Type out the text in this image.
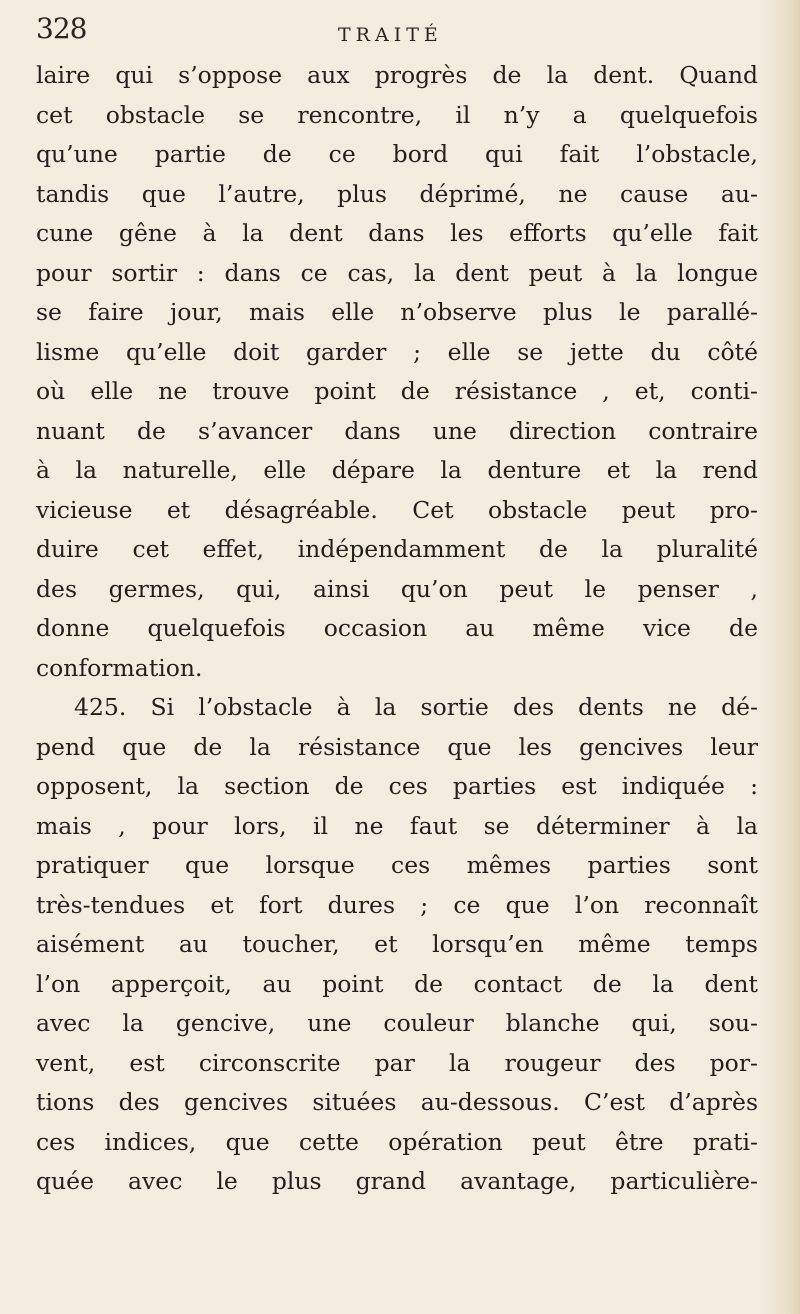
328	TRAITÉ
laire qui s’oppose aux progrès de la dent. Quand
cet obstacle se rencontre, il n’y a quelquefois
qu’une partie de ce bord qui fait l’obstacle,
tandis que l’autre, plus déprimé, ne cause au-
cune gêne à la dent dans les efforts qu’elle fait
pour sortir : dans ce cas, la dent peut à la longue
se faire jour, mais elle n’observe plus le parallé-
lisme qu’elle doit garder ; elle se jette du côté
où elle ne trouve point de résistance , et, conti-
nuant de s’avancer dans une direction contraire
à la naturelle, elle dépare la denture et la rend
vicieuse et désagréable. Cet obstacle peut pro-
duire cet effet, indépendamment de la pluralité
des germes, qui, ainsi qu’on peut le penser ,
donne quelquefois occasion au même vice de
conformation.
425. Si l’obstacle à la sortie des dents ne dé-
pend que de la résistance que les gencives leur
opposent, la section de ces parties est indiquée :
mais , pour lors, il ne faut se déterminer à la
pratiquer que lorsque ces mêmes parties sont
très-tendues et fort dures ; ce que l’on reconnaît
aisément au toucher, et lorsqu’en même temps
l’on apperçoit, au point de contact de la dent
avec la gencive, une couleur blanche qui, sou-
vent, est circonscrite par la rougeur des por-
tions des gencives situées au-dessous. C’est d’après
ces indices, que cette opération peut être prati-
quée avec le plus grand avantage, particulière-
